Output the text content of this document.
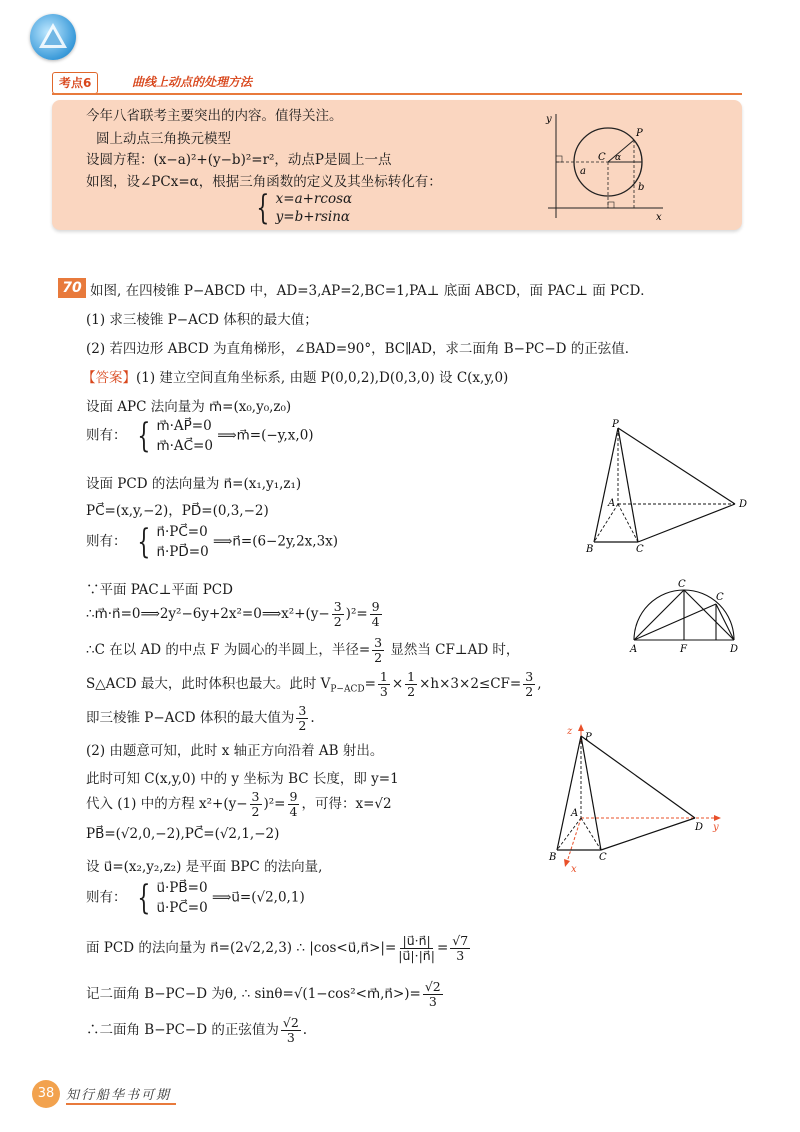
考点6	曲线上动点的处理方法
今年八省联考主要突出的内容。值得关注。
圆上动点三角换元模型
设圆方程：(x−a)²+(y−b)²=r²，动点P是圆上一点
如图，设∠PCx=α，根据三角函数的定义及其坐标转化有：
{ x=a+rcosα
y=b+rsinα
y
x
P
C α
a
b
70 如图, 在四棱锥 P−ABCD 中，AD=3,AP=2,BC=1,PA⊥ 底面 ABCD，面 PAC⊥ 面 PCD．
(1) 求三棱锥 P−ACD 体积的最大值；
(2) 若四边形 ABCD 为直角梯形，∠BAD=90°，BC∥AD，求二面角 B−PC−D 的正弦值．
【答案】(1) 建立空间直角坐标系, 由题 P(0,0,2),D(0,3,0) 设 C(x,y,0)
设面 APC 法向量为 m⃗=(x₀,y₀,z₀)
则有： { m⃗·AP⃗=0
m⃗·AC⃗=0
⟹m⃗=(−y,x,0)
设面 PCD 的法向量为 n⃗=(x₁,y₁,z₁)
PC⃗=(x,y,−2)，PD⃗=(0,3,−2)
则有： { n⃗·PC⃗=0
n⃗·PD⃗=0
⟹n⃗=(6−2y,2x,3x)
∵平面 PAC⊥平面 PCD
∴m⃗·n⃗=0⟹2y²−6y+2x²=0⟹x²+(y− $\frac{3}{2} )^2= \frac{9}{4}$
∴C 在以 AD 的中点 F 为圆心的半圆上，半径= $\frac{3}{2}$ 显然当 CF⊥AD 时，
S△ACD 最大，此时体积也最大。此时 $V_{P-ACD}= \frac{1}{3} \times \frac{1}{2} \times h\times 3\times 2\le CF= \frac{3}{2}$ ,
即三棱锥 P−ACD 体积的最大值为 $\frac{3}{2}$ .
(2) 由题意可知，此时 x 轴正方向沿着 AB 射出。
此时可知 C(x,y,0) 中的 y 坐标为 BC 长度，即 y=1
代入 (1) 中的方程 $x^2+(y- \frac{3}{2} )^2= \frac{9}{4}$ ，可得：x=√2
PB⃗=(√2,0,−2),PC⃗=(√2,1,−2)
设 u⃗=(x₂,y₂,z₂) 是平面 BPC 的法向量,
则有： { u⃗·PB⃗=0
u⃗·PC⃗=0
⟹u⃗=(√2,0,1)
面 PCD 的法向量为 n⃗=(2√2,2,3) ∴ |cos<u⃗,n⃗>|= $\frac{|u⃗\cdot n⃗|}{|u⃗|\cdot|n⃗|} = \frac{√7}{3}$
记二面角 B−PC−D 为θ, ∴ sinθ=√(1−cos²<m⃗,n⃗>)= $\frac{√2}{3}$
∴二面角 B−PC−D 的正弦值为 $\frac{√2}{3}$ .
P
A
B	C
D
A	F	D
C
C
z
P
A
B	C
D y
x
38 知行船华书可期
